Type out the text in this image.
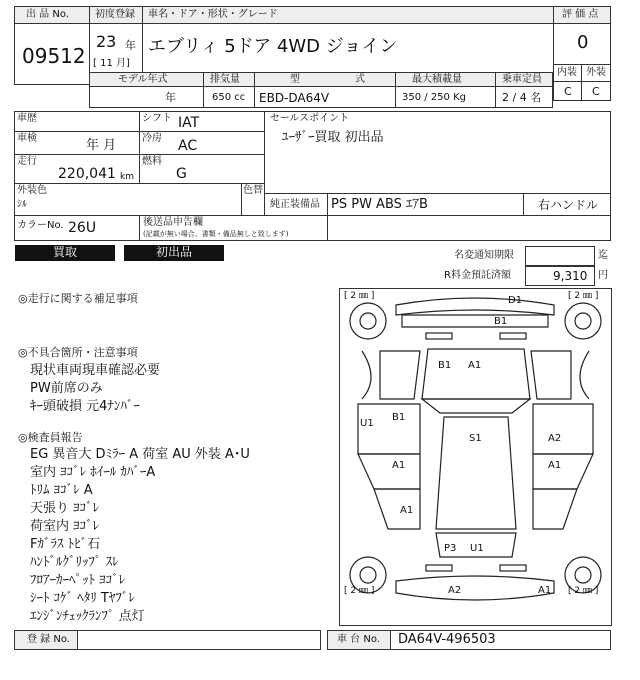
出 品 No.
09512
初度登録
23 年
[ 11 月]
車名・ドア・形状・グレード
エブリィ 5ドア 4WD ジョイン
評 価 点
0
内装 外装
C C
モデル年式
年
排気量
650 cc
型	式
EBD-DA64V
最大積載量
350 / 250 Kg
乗車定員
2 / 4 名
車歴	シフト IAT
車検	年 月	冷房 AC
走行
220,041 km
燃料
G
セールスポイント
ﾕｰｻﾞｰ買取 初出品
外装色
ｼﾙ
色替
純正装備品 PS PW ABS ｴｱB	右ハンドル
カラーNo. 26U	後送品申告欄
(記載が無い場合、書類・備品無しと致します)
買取	初出品	名変通知期限	迄
R料金預託済額	9,310 円
◎走行に関する補足事項
◎不具合箇所・注意事項
現状車両現車確認必要
PW前席のみ
ｷｰ頭破損 元4ﾅﾝﾊﾞｰ
◎検査員報告
EG 異音大 Dﾐﾗｰ A 荷室 AU 外装 A･U
室内 ﾖｺﾞﾚ ﾎｲｰﾙ ｶﾊﾞｰA
ﾄﾘﾑ ﾖｺﾞﾚ A
天張り ﾖｺﾞﾚ
荷室内 ﾖｺﾞﾚ
Fｶﾞﾗｽ ﾄﾋﾞ石
ﾊﾝﾄﾞﾙｸﾞﾘｯﾌﾟ ｽﾚ
ﾌﾛｱｰｶｰﾍﾟｯﾄ ﾖｺﾞﾚ
ｼｰﾄ ｺｹﾞ ﾍﾀﾘ Tﾔﾌﾞﾚ
ｴﾝｼﾞﾝﾁｪｯｸﾗﾝﾌﾟ 点灯
[ 2 ㎜ ]	[ 2 ㎜ ]
[ 2 ㎜ ]	[ 2 ㎜ ]
D1
B1
B1 A1
U1
B1
A1
A1
S1	A2
A1
P3 U1
A2	A1
登 録 No.	車 台 No. DA64V-496503
